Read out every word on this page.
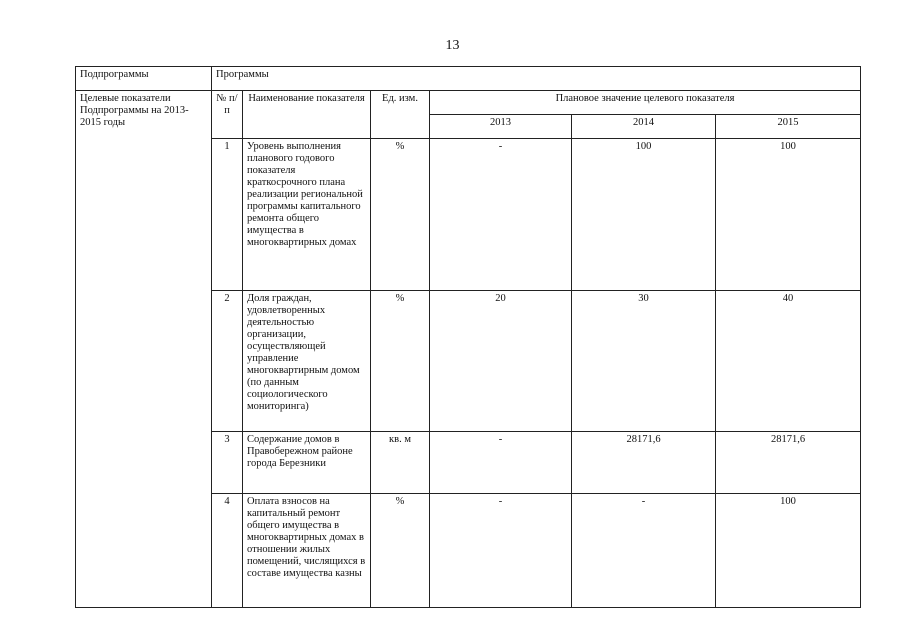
13
Подпрограммы	Программы					
Целевые показатели Подпрограммы на 2013-2015 годы	№ п/п	Наименование показателя	Ед. изм.	Плановое значение целевого показателя		
				2013	2014	2015
	1	Уровень выполнения планового годового показателя краткосрочного плана реализации региональной программы капитального ремонта общего имущества в многоквартирных домах	%	-	100	100
	2	Доля граждан, удовлетворенных деятельностью организации, осуществляющей управление многоквартирным домом (по данным социологического мониторинга)	%	20	30	40
	3	Содержание домов в Правобережном районе города Березники	кв. м	-	28171,6	28171,6
	4	Оплата взносов на капитальный ремонт общего имущества в многоквартирных домах в отношении жилых помещений, числящихся в составе имущества казны	%	-	-	100
